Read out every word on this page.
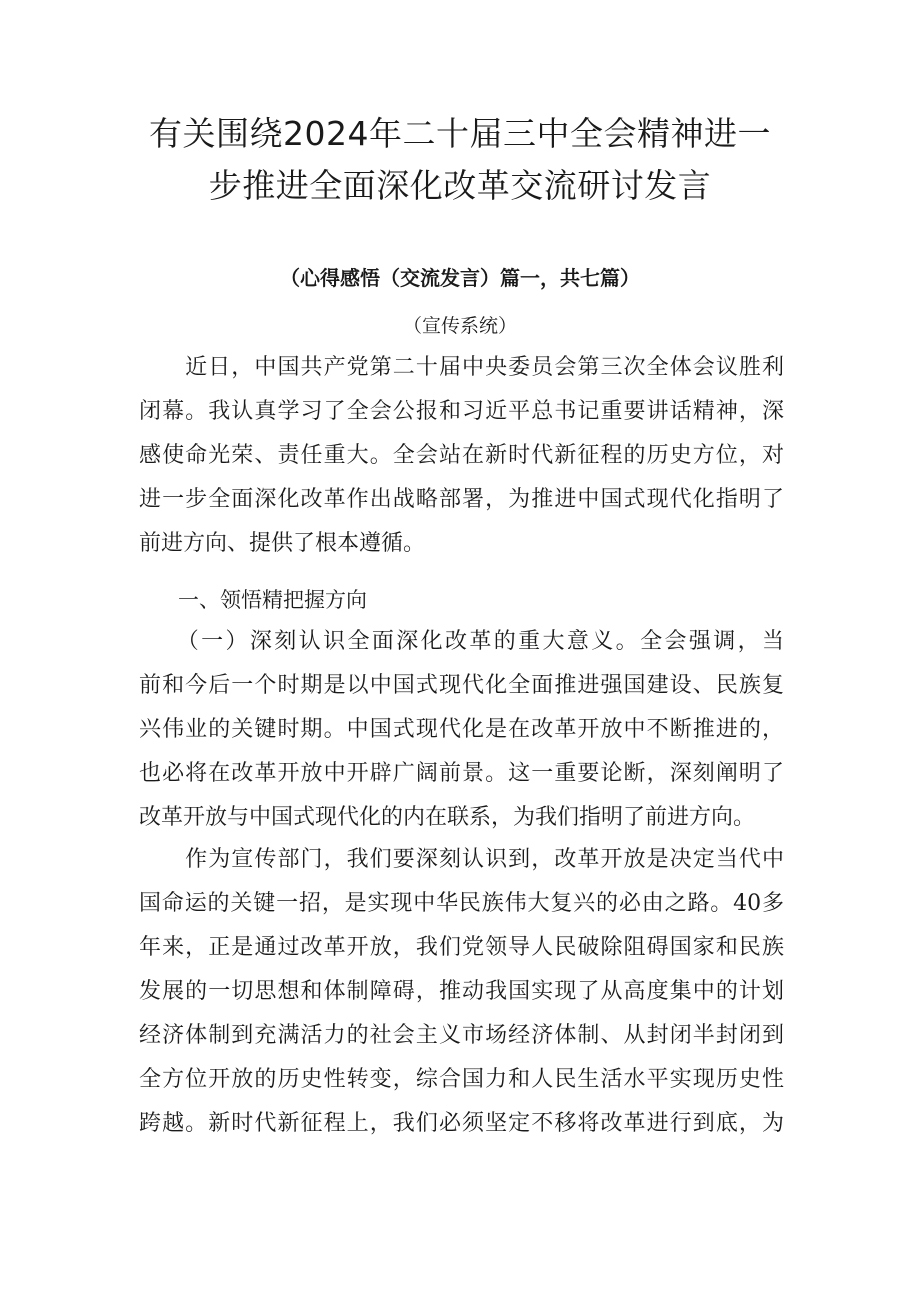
有关围绕2024年二十届三中全会精神进一
步推进全面深化改革交流研讨发言
（心得感悟（交流发言）篇一，共七篇）
（宣传系统）
　　近日，中国共产党第二十届中央委员会第三次全体会议胜利
闭幕。我认真学习了全会公报和习近平总书记重要讲话精神，深
感使命光荣、责任重大。全会站在新时代新征程的历史方位，对
进一步全面深化改革作出战略部署，为推进中国式现代化指明了
前进方向、提供了根本遵循。
一、领悟精把握方向
　　（一）深刻认识全面深化改革的重大意义。全会强调，当
前和今后一个时期是以中国式现代化全面推进强国建设、民族复
兴伟业的关键时期。中国式现代化是在改革开放中不断推进的，
也必将在改革开放中开辟广阔前景。这一重要论断，深刻阐明了
改革开放与中国式现代化的内在联系，为我们指明了前进方向。
　　作为宣传部门，我们要深刻认识到，改革开放是决定当代中
国命运的关键一招，是实现中华民族伟大复兴的必由之路。40多
年来，正是通过改革开放，我们党领导人民破除阻碍国家和民族
发展的一切思想和体制障碍，推动我国实现了从高度集中的计划
经济体制到充满活力的社会主义市场经济体制、从封闭半封闭到
全方位开放的历史性转变，综合国力和人民生活水平实现历史性
跨越。新时代新征程上，我们必须坚定不移将改革进行到底，为
